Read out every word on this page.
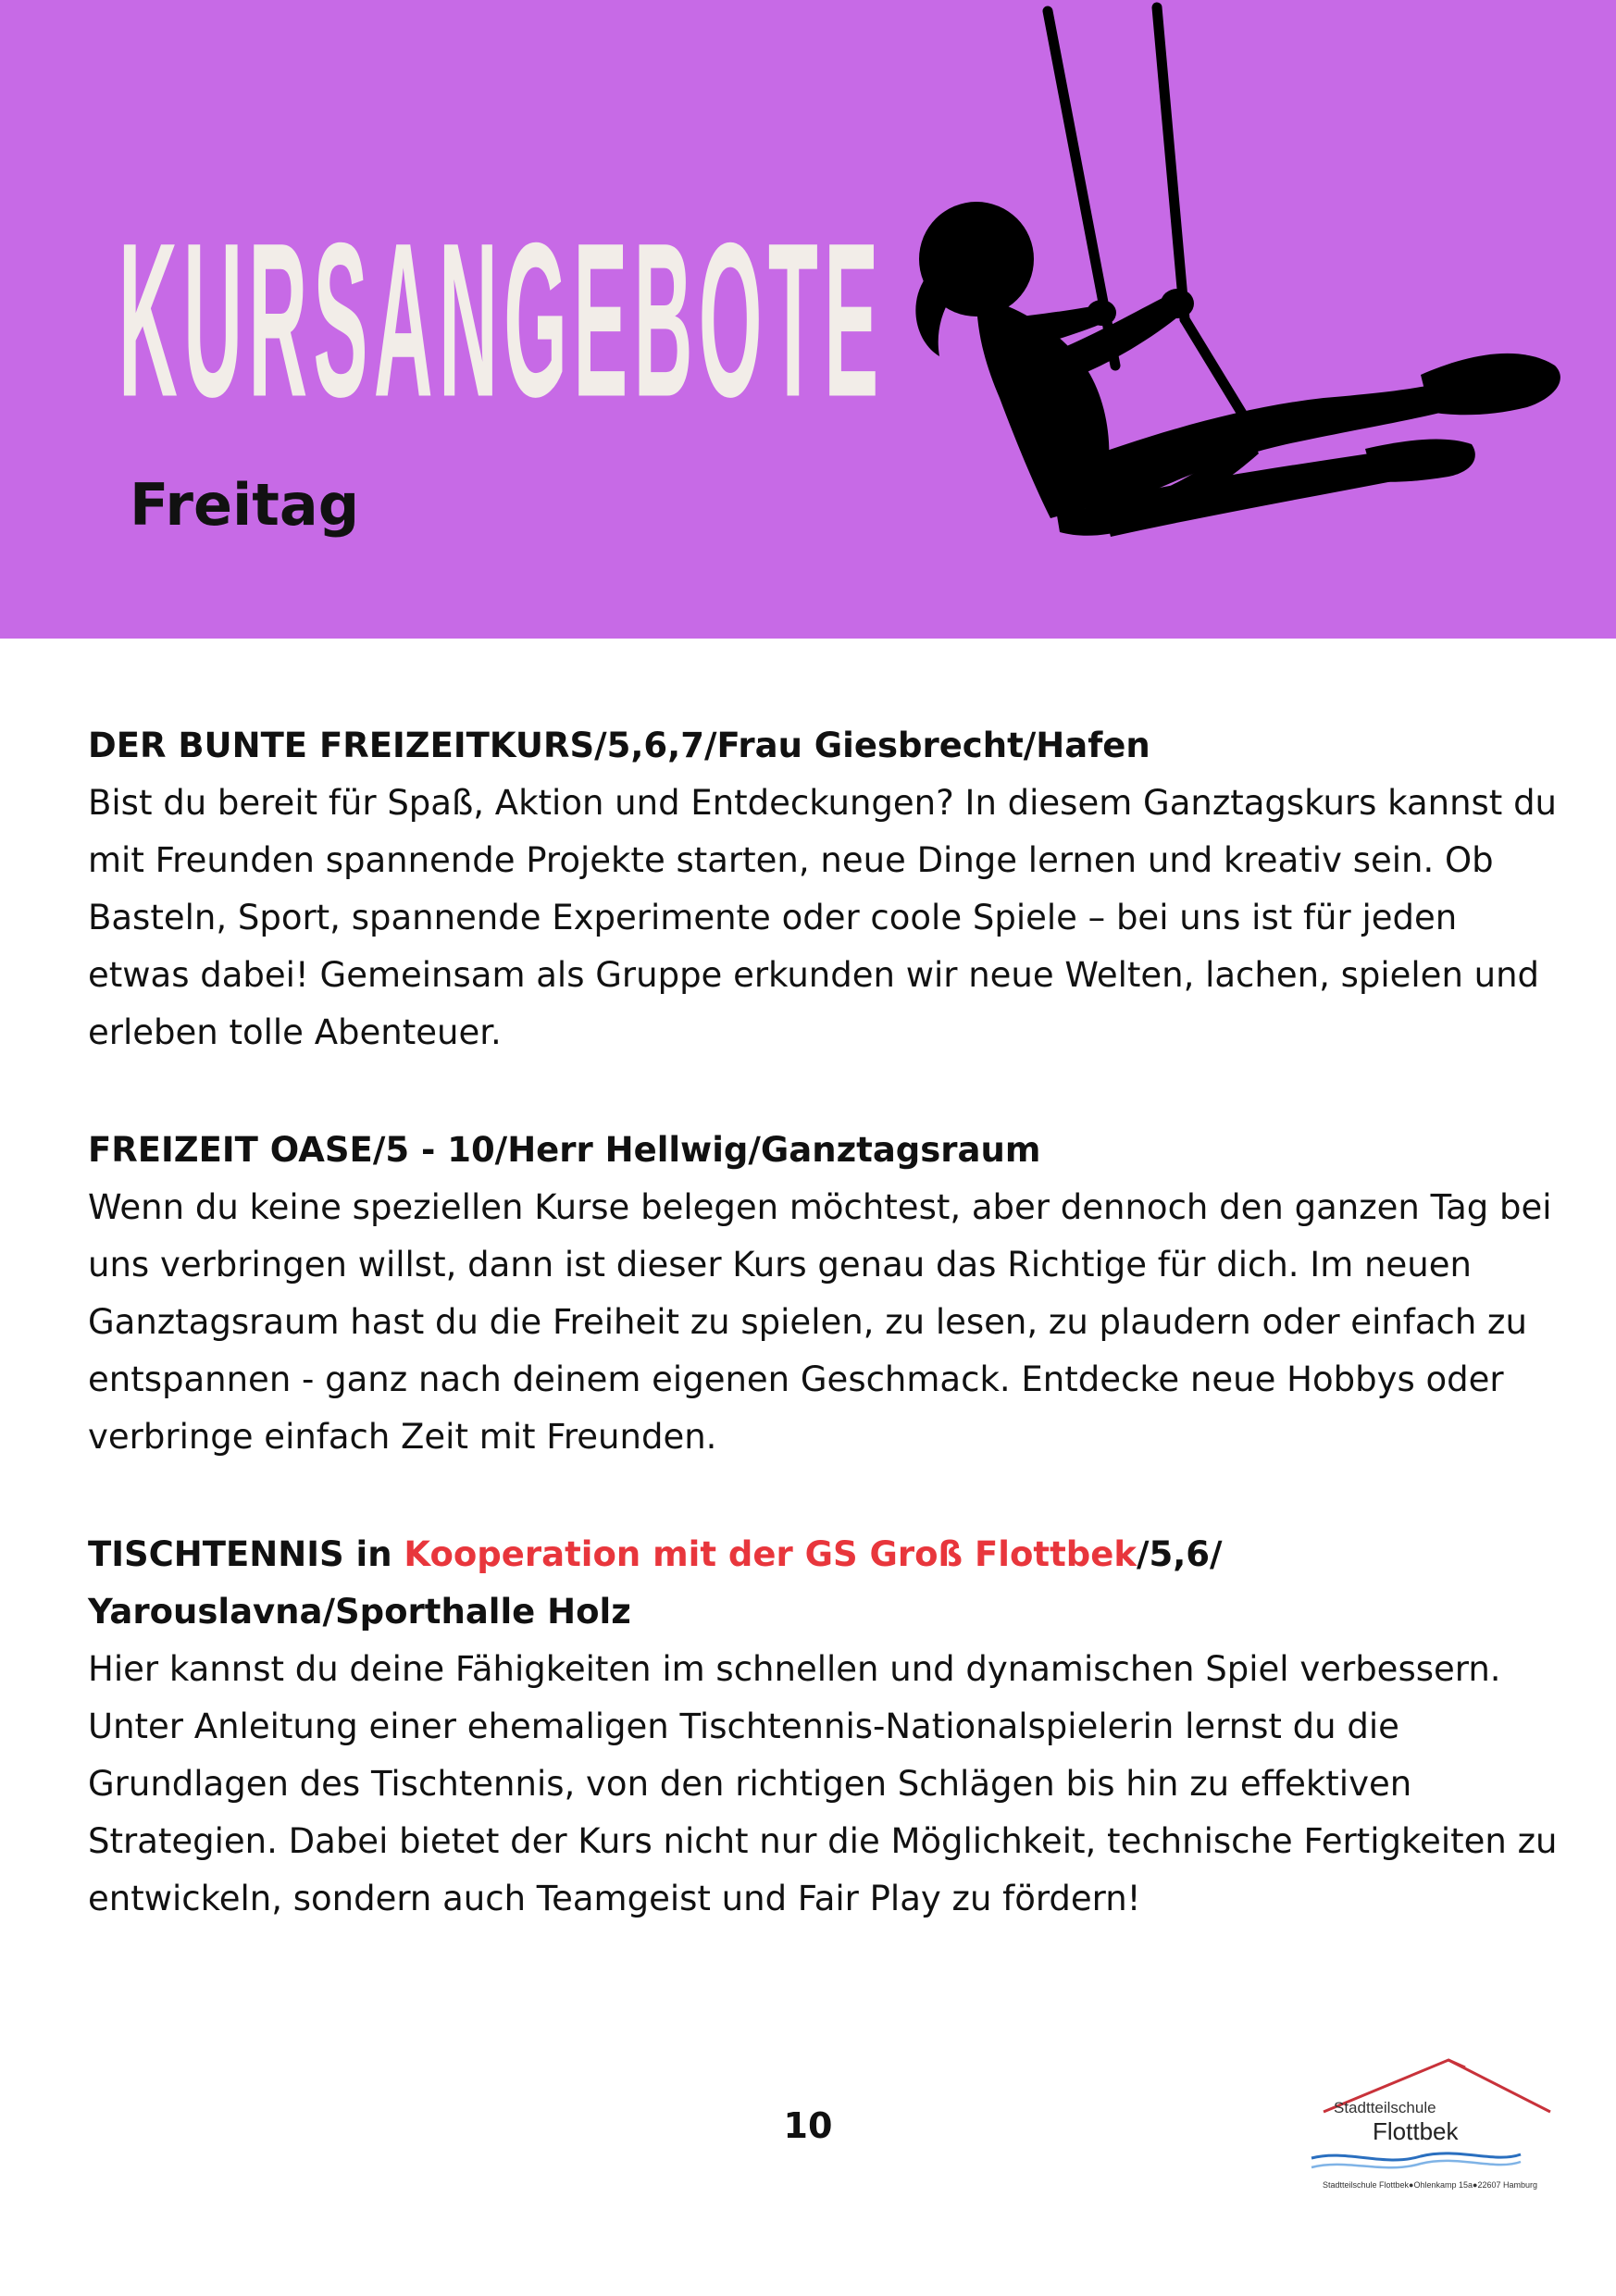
KURSANGEBOTE
Freitag

DER BUNTE FREIZEITKURS/5,6,7/Frau Giesbrecht/Hafen

Bist du bereit für Spaß, Aktion und Entdeckungen? In diesem Ganztagskurs kannst du mit Freunden spannende Projekte starten, neue Dinge lernen und kreativ sein. Ob Basteln, Sport, spannende Experimente oder coole Spiele – bei uns ist für jeden etwas dabei! Gemeinsam als Gruppe erkunden wir neue Welten, lachen, spielen und erleben tolle Abenteuer.

FREIZEIT OASE/5 - 10/Herr Hellwig/Ganztagsraum

Wenn du keine speziellen Kurse belegen möchtest, aber dennoch den ganzen Tag bei uns verbringen willst, dann ist dieser Kurs genau das Richtige für dich. Im neuen Ganztagsraum hast du die Freiheit zu spielen, zu lesen, zu plaudern oder einfach zu entspannen - ganz nach deinem eigenen Geschmack. Entdecke neue Hobbys oder verbringe einfach Zeit mit Freunden.

TISCHTENNIS in Kooperation mit der GS Groß Flottbek/5,6/ Yarouslavna/Sporthalle Holz

Hier kannst du deine Fähigkeiten im schnellen und dynamischen Spiel verbessern. Unter Anleitung einer ehemaligen Tischtennis-Nationalspielerin lernst du die Grundlagen des Tischtennis, von den richtigen Schlägen bis hin zu effektiven Strategien. Dabei bietet der Kurs nicht nur die Möglichkeit, technische Fertigkeiten zu entwickeln, sondern auch Teamgeist und Fair Play zu fördern!

10	Stadtteilschule
Flottbek
Stadtteilschule Flottbek●Ohlenkamp 15a●22607 Hamburg
